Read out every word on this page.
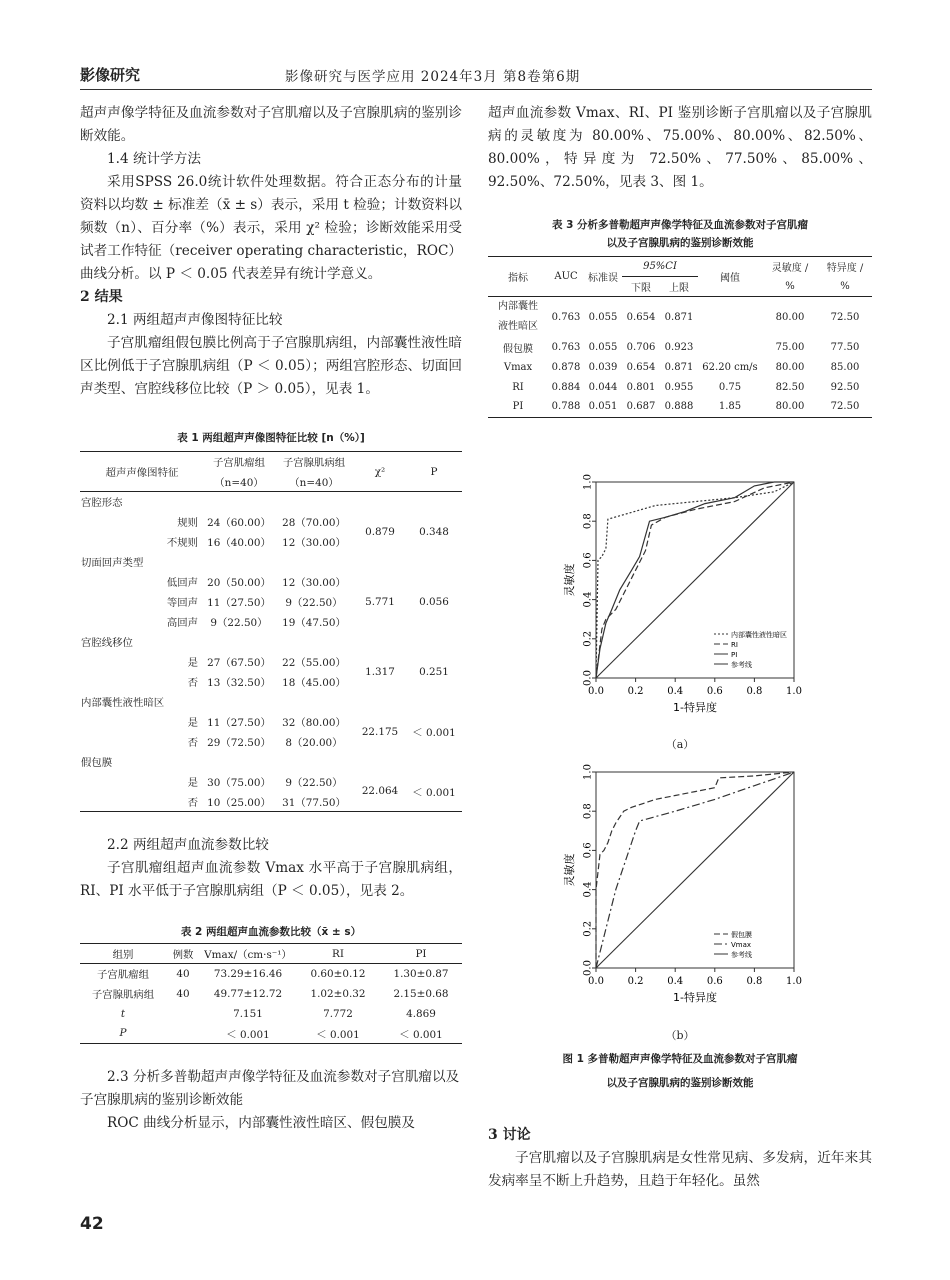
影像研究	影像研究与医学应用 2024年3月 第8卷第6期

超声声像学特征及血流参数对子宫肌瘤以及子宫腺肌病的鉴别诊断效能。

1.4 统计学方法

采用SPSS 26.0统计软件处理数据。符合正态分布的计量资料以均数 ± 标准差（x̄ ± s）表示，采用 t 检验；计数资料以频数（n）、百分率（%）表示，采用 χ² 检验；诊断效能采用受试者工作特征（receiver operating characteristic，ROC）曲线分析。以 P ＜ 0.05 代表差异有统计学意义。

2 结果
2.1 两组超声声像图特征比较

子宫肌瘤组假包膜比例高于子宫腺肌病组，内部囊性液性暗区比例低于子宫腺肌病组（P ＜ 0.05）；两组宫腔形态、切面回声类型、宫腔线移位比较（P ＞ 0.05），见表 1。

表 1 两组超声声像图特征比较 [n（%）]
超声声像图特征	子宫肌瘤组	子宫腺肌病组	χ²	P
	（n=40）	（n=40）		
宫腔形态				
规则	24（60.00）	28（70.00）	0.879	0.348
不规则	16（40.00）	12（30.00）		
切面回声类型				
低回声	20（50.00）	12（30.00）	5.771	0.056
等回声	11（27.50）	9（22.50）		
高回声	9（22.50）	19（47.50）		
宫腔线移位				
是	27（67.50）	22（55.00）	1.317	0.251
否	13（32.50）	18（45.00）		
内部囊性液性暗区				
是	11（27.50）	32（80.00）	22.175	＜ 0.001
否	29（72.50）	8（20.00）		
假包膜				
是	30（75.00）	9（22.50）	22.064	＜ 0.001
否	10（25.00）	31（77.50）		
2.2 两组超声血流参数比较

子宫肌瘤组超声血流参数 Vmax 水平高于子宫腺肌病组，RI、PI 水平低于子宫腺肌病组（P ＜ 0.05），见表 2。

表 2 两组超声血流参数比较（x̄ ± s）
组别	例数	Vmax/（cm·s⁻¹）	RI	PI
子宫肌瘤组	40	73.29±16.46	0.60±0.12	1.30±0.87
子宫腺肌病组	40	49.77±12.72	1.02±0.32	2.15±0.68
t		7.151	7.772	4.869
P		＜ 0.001	＜ 0.001	＜ 0.001
2.3 分析多普勒超声声像学特征及血流参数对子宫肌瘤以及子宫腺肌病的鉴别诊断效能

ROC 曲线分析显示，内部囊性液性暗区、假包膜及

超声血流参数 Vmax、RI、PI 鉴别诊断子宫肌瘤以及子宫腺肌病的灵敏度为 80.00%、75.00%、80.00%、82.50%、80.00%，特异度为 72.50%、77.50%、85.00%、92.50%、72.50%，见表 3、图 1。

表 3 分析多普勒超声声像学特征及血流参数对子宫肌瘤
以及子宫腺肌病的鉴别诊断效能
指标	AUC	标准误	95%CI		阈值	灵敏度 /	特异度 /
			下限	上限		%	%
内部囊性
液性暗区	0.763	0.055	0.654	0.871		80.00	72.50
假包膜	0.763	0.055	0.706	0.923		75.00	77.50
Vmax	0.878	0.039	0.654	0.871	62.20 cm/s	80.00	85.00
RI	0.884	0.044	0.801	0.955	0.75	82.50	92.50
PI	0.788	0.051	0.687	0.888	1.85	80.00	72.50
0.0 0.2 0.4 0.6 0.8 1.0
0.0
0.2
0.4
0.6
0.8
1.0
1-特异度
灵敏度
内部囊性液性暗区
RI
PI
参考线
（a）
0.0 0.2 0.4 0.6 0.8 1.0
0.0
0.2
0.4
0.6
0.8
1.0
1-特异度
灵敏度
假包膜
Vmax
参考线
（b）
图 1 多普勒超声声像学特征及血流参数对子宫肌瘤
以及子宫腺肌病的鉴别诊断效能
3 讨论

子宫肌瘤以及子宫腺肌病是女性常见病、多发病，近年来其发病率呈不断上升趋势，且趋于年轻化。虽然

42
